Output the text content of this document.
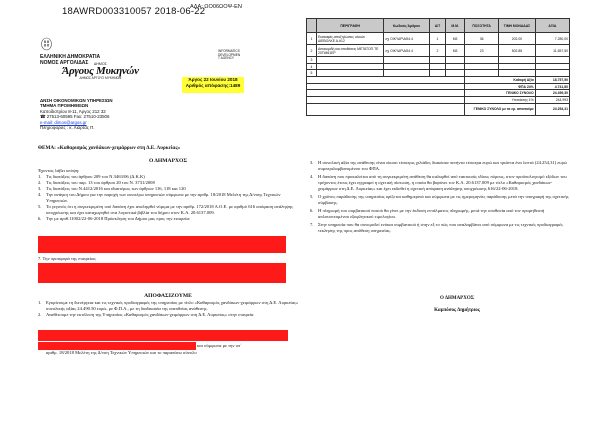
ΑΔΑ: ΩΟ06ΩΟΨ-ΕΝ
18AWRD003310057 2018-06-22
INFORMATICS
DEVELOPMEN
T AGENCY
ΕΛΛΗΝΙΚΗ ΔΗΜΟΚΡΑΤΙΑ
ΝΟΜΟΣ ΑΡΓΟΛΙΔΑΣ	ΔΗΜΟΣ
Άργους Μυκηνών
ΔΗΜΟΣ ΑΡΓΟΥΣ ΜΥΚΗΝΩΝ
ΔΝΣΗ ΟΙΚΟΝΟΜΙΚΩΝ ΥΠΗΡΕΣΙΩΝ
ΤΜΗΜΑ ΠΡΟΜΗΘΕΙΩΝ
Καποδιστρίου 8-11, Άργος 212 32
☎ 27513-60595 Fax: 27510-23506
e-mail: dimos@argos.gr
Πληροφορίες : κ. Λιάρτας Π.
Άργος 22 Ιουνίου 2018
Αριθμός απόφασης:1489
ΘΕΜΑ: «Καθαρισμός χανδάκων-χειμάρρων στη Δ.Ε. Λυρκείας»
Ο ΔΗΜΑΡΧΟΣ
Έχοντας λάβει υπόψη:
1. Τις διατάξεις του άρθρου 209 του Ν.3463/06 (Δ.Κ.Κ)
2. Τις διατάξεις του παρ. 13 του άρθρου 20 του Ν. 3731/2008
3. Τις διατάξεις του Ν.4412/2016 και ιδιαιτέρως των άρθρων 116, 118 και 120
4. Την ανάγκη του Δήμου για την παροχή των ανωτέρω υπηρεσιών σύμφωνα με την αριθμ. 18/2018 Μελέτη της Δ/νσης Τεχνικών Υπηρεσιών.
5. Το γεγονός ότι η συγκεκριμένη υπό δαπάνη έχει αναληφθεί νόμιμα με την αριθμ. 172/2018 Α.Ο.Ε. με αριθμό 616 απόφαση ανάληψης υποχρέωσης και έχει καταχωρηθεί στα λογιστικά βιβλία του δήμου στον Κ.Α. 20.6137.009.
6. Την με αριθ.11002/22-06-2018 Πρόσκληση του Δήμου μας προς την εταιρεία:
7. Την προσφορά της εταιρείας:
ΑΠΟΦΑΣΙΖΟΥΜΕ
1. Εγκρίνουμε τη διενέργεια και τις τεχνικές προδιαγραφές της υπηρεσίας με τίτλο «Καθαρισμός χανδάκων-χειμάρρων στη Δ.Ε. Λυρκείας» συνολικής αξίας 24.490.50 ευρώ, με Φ.Π.Α., με τη διαδικασία της απευθείας ανάθεσης.
2. Αναθέτουμε την εκτέλεση της Υπηρεσίας «Καθαρισμός χανδάκων-χειμάρρων στη Δ.Ε. Λυρκείας» στην εταιρεία
και σύμφωνα με την υπ΄
αριθμ. 18/2018 Μελέτη της Δ/νση Τεχνικών Υπηρεσιών και το παραπάνω σύνολο
	ΠΕΡΙΓΡΑΦΗ	Κωδικός Άρθρου	Α/Τ	Μ.Μ.	ΠΟΣΟΤΗΤΑ	ΤΙΜΗ ΜΟΝΑΔΑΣ	ΑΞΙΑ
1	Εκσκαφές-αποξηλώσεις υλικών ΔΙΕΒΟΛΚΕ Α-#12	σχ ΟΙΚΥΔΡ\ΑΘ4.4	1	Μ3	36	202.00	7.280,00
2	Αποκομιδή και αποθέσεις ΜΕΤΑΤΟΠ.ΤΕ 20Γ\Μ61ΕΡ	σχ ΟΙΚΥΔΡ\ΑΘ4.4	2	Μ3	23	502.85	11.657,50
3							
4							
5							
					Καθαρή Αξία		18.757,50
					ΦΠΑ 24%		4.741,80
					ΓΕΝΙΚΟ ΣΥΝΟΛΟ		24.499,30
					Υποτάκτης 1%		244,993
					ΓΕΝΙΚΟ ΣΥΝΟΛΟ με τα ερ. απαιτούμε		24.254,31
3. Η συνολική αξία της ανάθεσης είναι είκοσι τέσσερις χιλιάδες διακόσια πενήντα τέσσερα ευρώ και τριάντα ένα λεπτά (24.254,31) ευρώ συμπεριλαμβανομένου του ΦΠΑ.
4. Η δαπάνη που προκαλείται από τη συγκεκριμένη ανάθεση θα καλυφθεί από τακτικούς ιδίους πόρους, στον προϋπολογισμό εξόδων του τρέχοντος έτους έχει εγγραφεί η σχετική πίστωση, η οποία θα βαρύνει τον Κ.Α. 20.6137.009 με τίτλο «Καθαρισμός χανδάκων-χειμάρρων στη Δ.Ε. Λυρκείας» και έχει εκδοθεί η σχετική απόφαση ανάληψης υποχρέωσης 616/22-06-2018.
5. Ο χρόνος παράδοσης της υπηρεσίας ορίζεται καθημερινά και σύμφωνα με τις ημερομηνίες παράδοσης μετά την υπογραφή της σχετικής σύμβασης.
6. Η πληρωμή του συμβατικού ποσού θα γίνει με την έκδοση εντάλματος πληρωμής, μετά την οποθεσία από τον προμηθευτή απλουστευμένου εξοφλητικού τιμολογίου.
7. Στην υπηρεσία που θα συνομοδεί ενόκαι συμβατικού ή στην εξ το πώς που αναλαμβάνει από σύμφωνα με τις τεχνικές προδιαγραφές τεκλησης της προς ανάθεση υπηρεσίας.
Ο ΔΗΜΑΡΧΟΣ
Καμπόσος Δημήτριος
